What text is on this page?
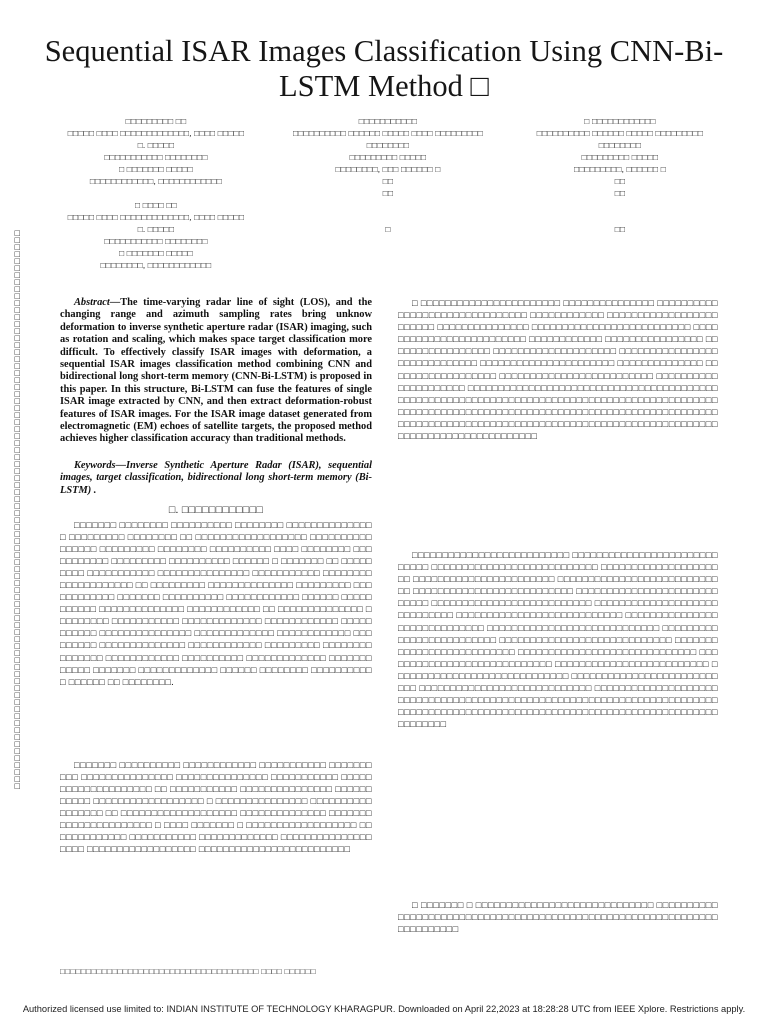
Sequential ISAR Images Classification Using CNN-Bi-LSTM Method □
□□□□□□□□□ □□
□□□□□ □□□□ □□□□□□□□□□□□□, □□□□ □□□□□
□. □□□□□
□□□□□□□□□□□ □□□□□□□□
□ □□□□□□□ □□□□□
□□□□□□□□□□□□, □□□□□□□□□□□□

□ □□□□ □□
□□□□□ □□□□ □□□□□□□□□□□□□, □□□□ □□□□□
□. □□□□□
□□□□□□□□□□□ □□□□□□□□
□ □□□□□□□ □□□□□
□□□□□□□□, □□□□□□□□□□□□
□□□□□□□□□□□
□□□□□□□□□□ □□□□□□ □□□□□ □□□□ □□□□□□□□□
□□□□□□□□
□□□□□□□□□ □□□□□
□□□□□□□□, □□□ □□□□□□ □
□□
□□

□
□ □□□□□□□□□□□□
□□□□□□□□□□ □□□□□□ □□□□□ □□□□□□□□□
□□□□□□□□
□□□□□□□□□ □□□□□
□□□□□□□□□, □□□□□□ □
□□
□□

□□
□□□□□□□□□□□□□□□□□□□□□□□□□□□□□□□□□□□□□□□□□□□□□□□□□□□□□□□□□□□□□□□□□□□□□□□□□□□□□□□□
Abstract—The time-varying radar line of sight (LOS), and the changing range and azimuth sampling rates bring unknow deformation to inverse synthetic aperture radar (ISAR) imaging, such as rotation and scaling, which makes space target classification more difficult. To effectively classify ISAR images with deformation, a sequential ISAR images classification method combining CNN and bidirectional long short-term memory (CNN-Bi-LSTM) is proposed in this paper. In this structure, Bi-LSTM can fuse the features of single ISAR image extracted by CNN, and then extract deformation-robust features of ISAR images. For the ISAR image dataset generated from electromagnetic (EM) echoes of satellite targets, the proposed method achieves higher classification accuracy than traditional methods.
Keywords—Inverse Synthetic Aperture Radar (ISAR), sequential images, target classification, bidirectional long short-term memory (Bi-LSTM) .
□. □□□□□□□□□□□□
□□□□□□□ □□□□□□□□ □□□□□□□□□□ □□□□□□□□ □□□□□□□□□□□□□□□ □□□□□□□□□ □□□□□□□□ □□ □□□□□□□□□□□□□□□□□□ □□□□□□□□□□ □□□□□□ □□□□□□□□□ □□□□□□□□ □□□□□□□□□□ □□□□ □□□□□□□□ □□□□□□□□□□□ □□□□□□□□□ □□□□□□□□□□ □□□□□□ □ □□□□□□□ □□ □□□□□□□□□ □□□□□□□□□□□ □□□□□□□□□□□□□□□ □□□□□□□□□□□ □□□□□□□□ □□□□□□□□□□□□ □□ □□□□□□□□□ □□□□□□□□□□□□□□ □□□□□□□□□ □□□□□□□□□□□□ □□□□□□□ □□□□□□□□□□ □□□□□□□□□□□□ □□□□□□ □□□□□□□□□□□ □□□□□□□□□□□□□□ □□□□□□□□□□□□ □□ □□□□□□□□□□□□□□ □□□□□□□□□ □□□□□□□□□□□ □□□□□□□□□□□□□ □□□□□□□□□□□□ □□□□□□□□□□□ □□□□□□□□□□□□□□□ □□□□□□□□□□□□□ □□□□□□□□□□□□ □□□□□□□□□ □□□□□□□□□□□□□□ □□□□□□□□□□□□ □□□□□□□□□ □□□□□□□□□□□□□□□ □□□□□□□□□□□□ □□□□□□□□□□ □□□□□□□□□□□□□ □□□□□□□□□□□□ □□□□□□□ □□□□□□□□□□□□□ □□□□□□ □□□□□□□□ □□□□□□□□□□□ □□□□□□ □□ □□□□□□□□.
□□□□□□□ □□□□□□□□□□ □□□□□□□□□□□□ □□□□□□□□□□□ □□□□□□□□□□ □□□□□□□□□□□□□□□ □□□□□□□□□□□□□□□ □□□□□□□□□□□ □□□□□□□□□□□□□□□□□□□□ □□ □□□□□□□□□□□ □□□□□□□□□□□□□□□ □□□□□□□□□□□ □□□□□□□□□□□□□□□□□□ □ □□□□□□□□□□□□□□□ □□□□□□□□□□□□□□□□□ □□ □□□□□□□□□□□□□□□□□□□ □□□□□□□□□□□□□□ □□□□□□□□□□□□□□□□□□□□□□ □ □□□□ □□□□□□□ □ □□□□□□□□□□□□□□□□□□ □□□□□□□□□□□□□ □□□□□□□□□□□ □□□□□□□□□□□□□ □□□□□□□□□□□□□□□□□□□ □□□□□□□□□□□□□□□□□□ □□□□□□□□□□□□□□□□□□□□□□□□□
□ □□□□□□□□□□□□□□□□□□□□□□□ □□□□□□□□□□□□□□□ □□□□□□□□□□ □□□□□□□□□□□□□□□□□□□□□ □□□□□□□□□□□□ □□□□□□□□□□□□□□□□□□□□□□□□ □□□□□□□□□□□□□□□ □□□□□□□□□□□□□□□□□□□□□□□□□□ □□□□□□□□□□□□□□□□□□□□□□□□□ □□□□□□□□□□□□ □□□□□□□□□□□□□□□□ □□ □□□□□□□□□□□□□□□ □□□□□□□□□□□□□□□□□□□□ □□□□□□□□□□□□□□□□ □□□□□□□□□□□□□ □□□□□□□□□□□□□□□□□□□□□□ □□□□□□□□□□□□□□ □□□□□□□□□□□□□□□□□□ □□□□□□□□□□□□□□□□□□□□□□□□□ □□□□□□□□□□□□□□□□□□□□□ □□□□□□□□□□□□□□□□□□□□□□□□□□□□□□□□□□□□□□□□□□□□□□□□□□□□□□□□□□□□□□□□□□□□□□□□□□□□□□□□□□□□□□□□□□□□□□□□□□□□□□□□□□□□□□□□□□□□□□□□□□□□□□□□□□□□□□□□□□□□□□□□□□□□□□□□□□□□□□□□□□□□□□□□□□□□□□□□□□□□□□□□□□□□□□□□□□□□□□□□□□□□□□□□□□□□□□□□□□□□
□□□□□□□□□□□□□□□□□□□□□□□□□□ □□□□□□□□□□□□□□□□□□□□□□□□□□□□□ □□□□□□□□□□□□□□□□□□□□□□□□□□□ □□□□□□□□□□□□□□□□□□□□□ □□□□□□□□□□□□□□□□□□□□□□□ □□□□□□□□□□□□□□□□□□□□□□□□□□□□ □□□□□□□□□□□□□□□□□□□□□□□□□□ □□□□□□□□□□□□□□□□□□□□□□□□□□□□ □□□□□□□□□□□□□□□□□□□□□□□□□□ □□□□□□□□□□□□□□□□□□□□□□□□□□□□□ □□□□□□□□□□□□□□□□□□□□□□□□□□□ □□□□□□□□□□□□□□□□□□□□□□□□□□□□□ □□□□□□□□□□□□□□□□□□□□□□□□□□□□ □□□□□□□□□□□□□□□□□□□□□□□□□ □□□□□□□□□□□□□□□□□□□□□□□□□□□□ □□□□□□□□□□□□□□□□□□□□□□□□□□ □□□□□□□□□□□□□□□□□□□□□□□□□□□□□ □□□□□□□□□□□□□□□□□□□□□□□□□□□□ □□□□□□□□□□□□□□□□□□□□□□□□□ □□□□□□□□□□□□□□□□□□□□□□□□□□□□□ □□□□□□□□□□□□□□□□□□□□□□□□□□□ □□□□□□□□□□□□□□□□□□□□□□□□□□□□ □□□□□□□□□□□□□□□□□□□□□□□□□□□□□□□□□□□□□□□□□□□□□□□□□□□□□□□□□□□□□□□□□□□□□□□□□□□□□□□□□□□□□□□□□□□□□□□□□□□□□□□□□□□□□□□□□□□□□□□□□□□□□□□□□□□□
□ □□□□□□□ □ □□□□□□□□□□□□□□□□□□□□□□□□□□□□□ □□□□□□□□□□□□□□□□□□□□□□□□□□□□□□□□□□□□□□□□□□□□□□□□□□□□□□□□□□□□□□□□□□□□□□□□
□□□□□□□□□□□□□□□□□□□□□□□□□□□□□□□□□□□□□□ □□□□ □□□□□□
Authorized licensed use limited to: INDIAN INSTITUTE OF TECHNOLOGY KHARAGPUR. Downloaded on April 22,2023 at 18:28:28 UTC from IEEE Xplore. Restrictions apply.
